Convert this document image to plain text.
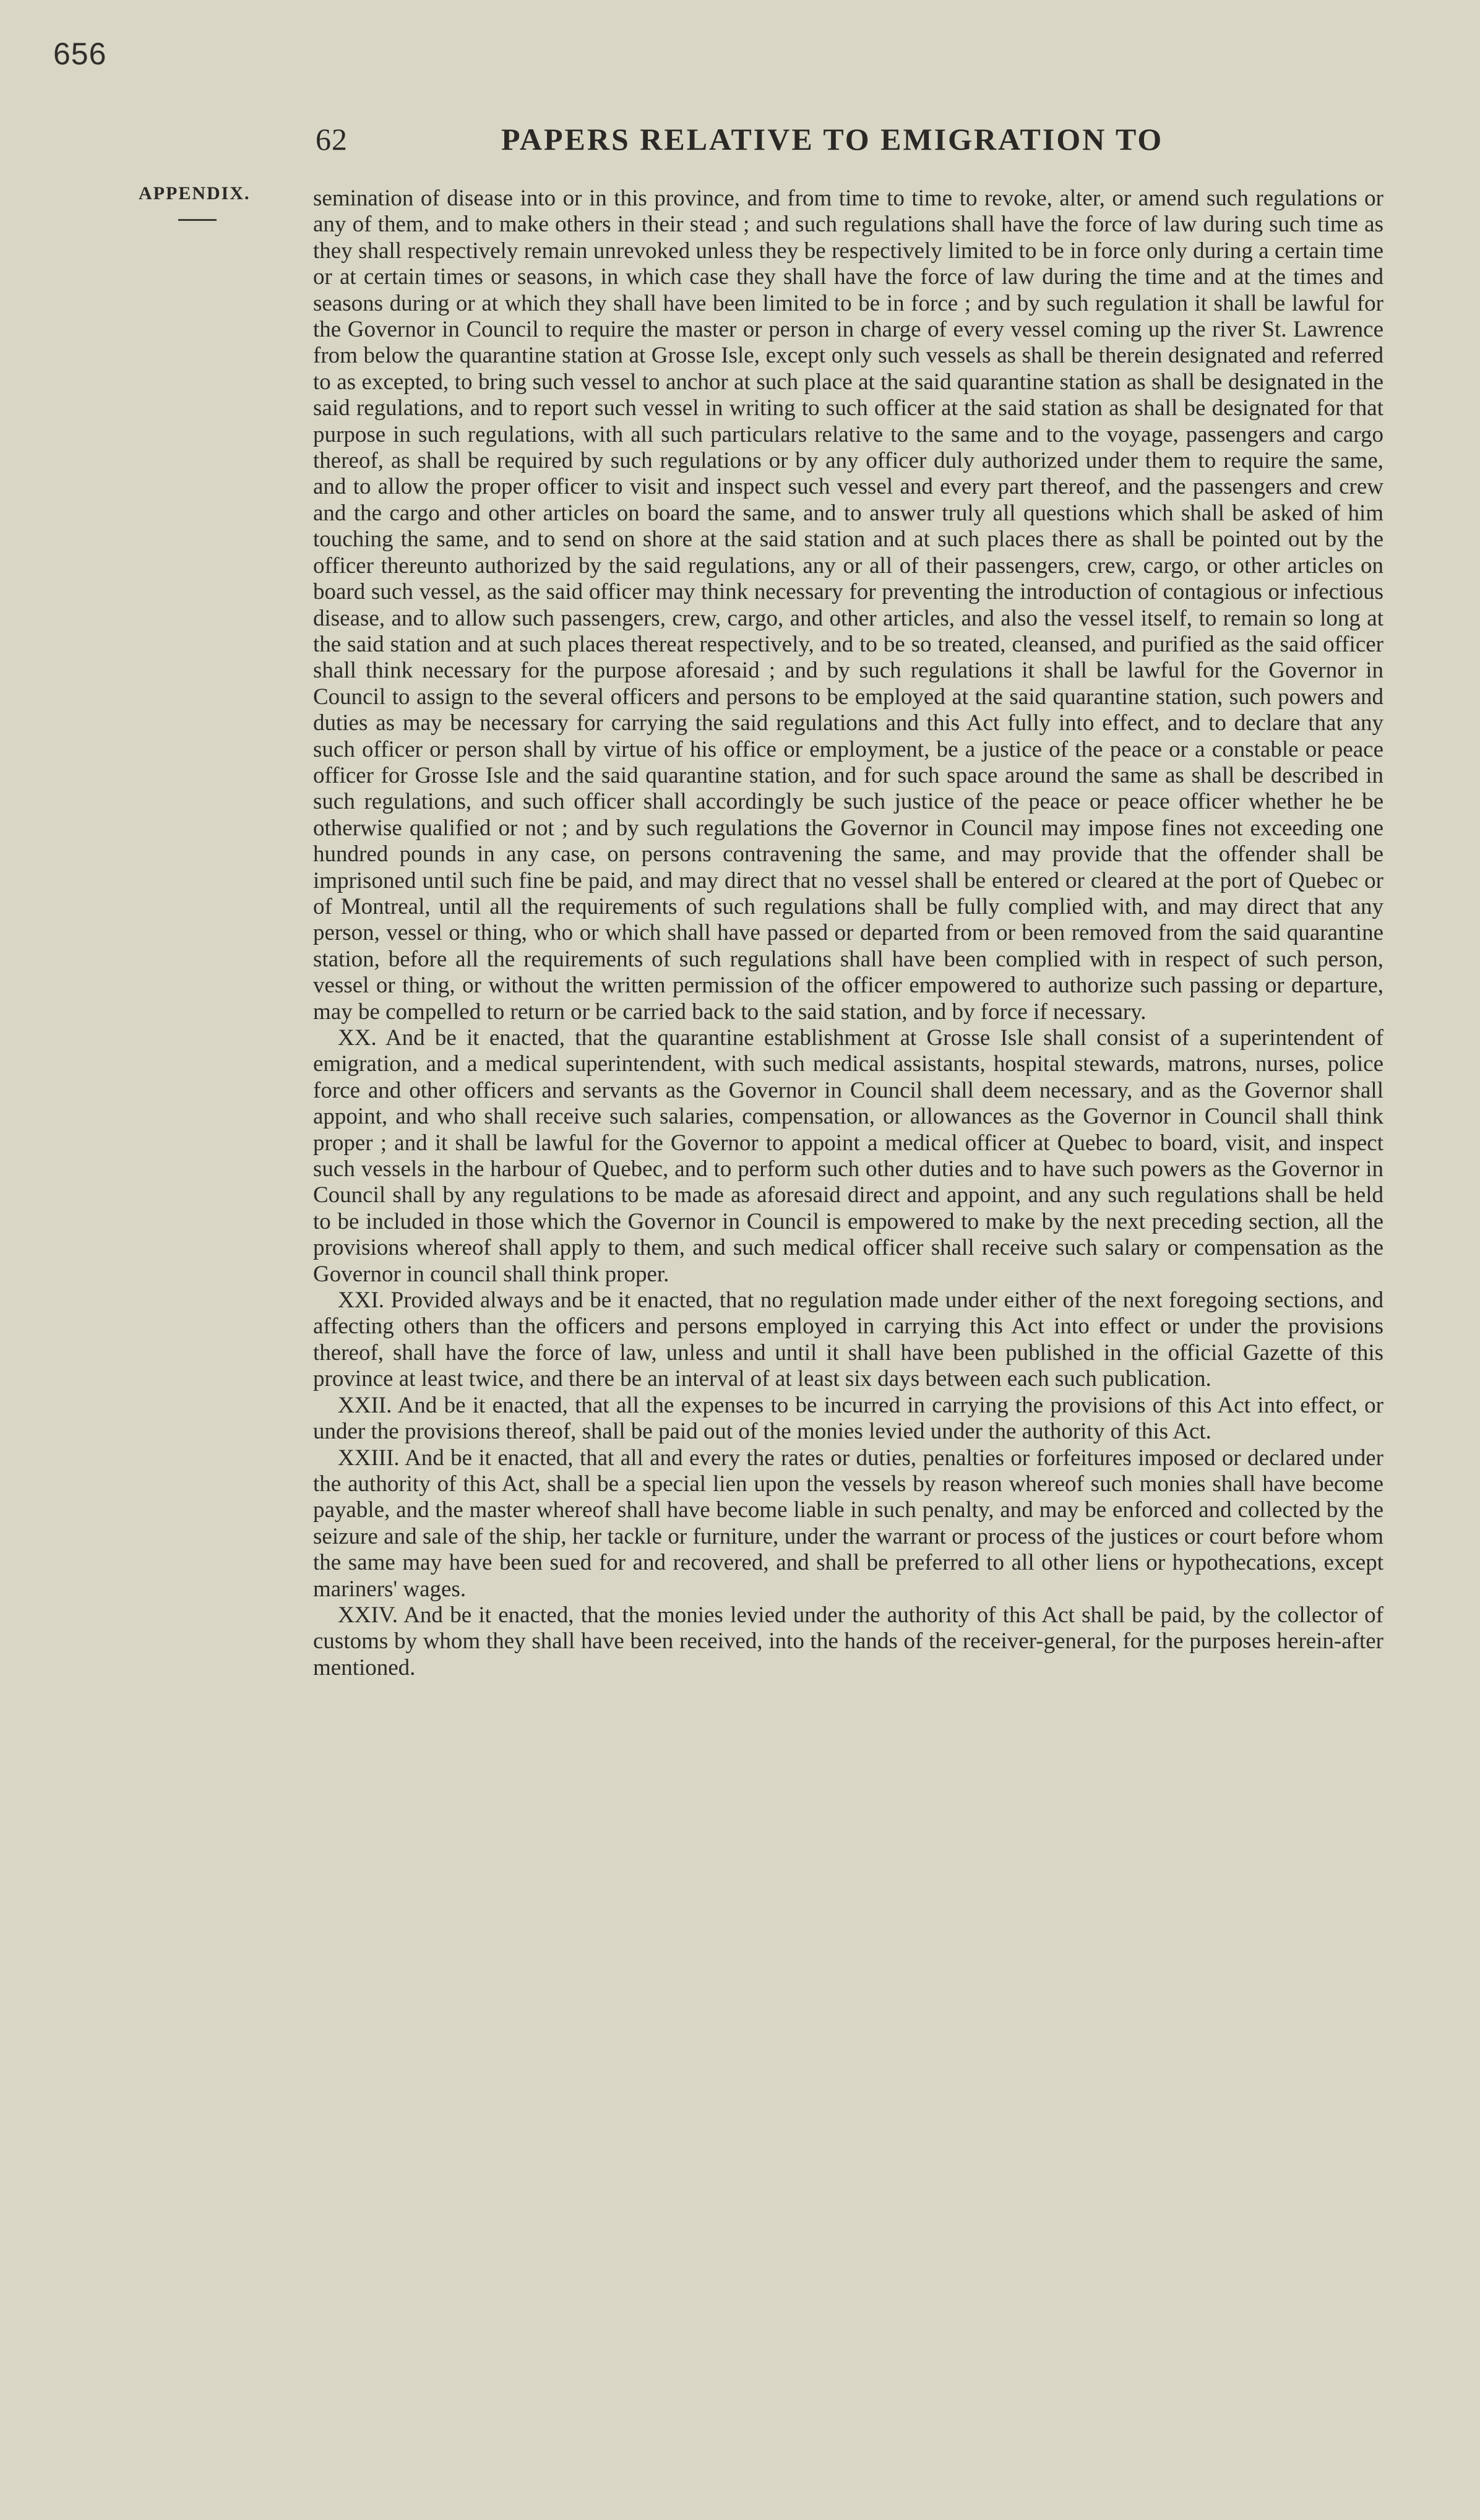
656
62	PAPERS RELATIVE TO EMIGRATION TO
APPENDIX.	semination of disease into or in this province, and from time to time to revoke, alter, or amend such regulations or any of them, and to make others in their stead ; and such regulations shall have the force of law during such time as they shall respectively remain unrevoked unless they be respectively limited to be in force only during a certain time or at certain times or seasons, in which case they shall have the force of law during the time and at the times and seasons during or at which they shall have been limited to be in force ; and by such regulation it shall be lawful for the Governor in Council to require the master or person in charge of every vessel coming up the river St. Lawrence from below the quarantine station at Grosse Isle, except only such vessels as shall be therein designated and referred to as excepted, to bring such vessel to anchor at such place at the said quarantine station as shall be designated in the said regulations, and to report such vessel in writing to such officer at the said station as shall be designated for that purpose in such regulations, with all such particulars relative to the same and to the voyage, passengers and cargo thereof, as shall be required by such regulations or by any officer duly authorized under them to require the same, and to allow the proper officer to visit and inspect such vessel and every part thereof, and the passengers and crew and the cargo and other articles on board the same, and to answer truly all questions which shall be asked of him touching the same, and to send on shore at the said station and at such places there as shall be pointed out by the officer thereunto authorized by the said regulations, any or all of their passengers, crew, cargo, or other articles on board such vessel, as the said officer may think necessary for preventing the introduction of contagious or infectious disease, and to allow such passengers, crew, cargo, and other articles, and also the vessel itself, to remain so long at the said station and at such places thereat respectively, and to be so treated, cleansed, and purified as the said officer shall think necessary for the purpose aforesaid ; and by such regulations it shall be lawful for the Governor in Council to assign to the several officers and persons to be employed at the said quarantine station, such powers and duties as may be necessary for carrying the said regulations and this Act fully into effect, and to declare that any such officer or person shall by virtue of his office or employment, be a justice of the peace or a constable or peace officer for Grosse Isle and the said quarantine station, and for such space around the same as shall be described in such regulations, and such officer shall accordingly be such justice of the peace or peace officer whether he be otherwise qualified or not ; and by such regulations the Governor in Council may impose fines not exceeding one hundred pounds in any case, on persons contravening the same, and may provide that the offender shall be imprisoned until such fine be paid, and may direct that no vessel shall be entered or cleared at the port of Quebec or of Montreal, until all the requirements of such regulations shall be fully complied with, and may direct that any person, vessel or thing, who or which shall have passed or departed from or been removed from the said quarantine station, before all the requirements of such regulations shall have been complied with in respect of such person, vessel or thing, or without the written permission of the officer empowered to authorize such passing or departure, may be compelled to return or be carried back to the said station, and by force if necessary.

XX. And be it enacted, that the quarantine establishment at Grosse Isle shall consist of a superintendent of emigration, and a medical superintendent, with such medical assistants, hospital stewards, matrons, nurses, police force and other officers and servants as the Governor in Council shall deem necessary, and as the Governor shall appoint, and who shall receive such salaries, compensation, or allowances as the Governor in Council shall think proper ; and it shall be lawful for the Governor to appoint a medical officer at Quebec to board, visit, and inspect such vessels in the harbour of Quebec, and to perform such other duties and to have such powers as the Governor in Council shall by any regulations to be made as aforesaid direct and appoint, and any such regulations shall be held to be included in those which the Governor in Council is empowered to make by the next preceding section, all the provisions whereof shall apply to them, and such medical officer shall receive such salary or compensation as the Governor in council shall think proper.

XXI. Provided always and be it enacted, that no regulation made under either of the next foregoing sections, and affecting others than the officers and persons employed in carrying this Act into effect or under the provisions thereof, shall have the force of law, unless and until it shall have been published in the official Gazette of this province at least twice, and there be an interval of at least six days between each such publication.

XXII. And be it enacted, that all the expenses to be incurred in carrying the provisions of this Act into effect, or under the provisions thereof, shall be paid out of the monies levied under the authority of this Act.

XXIII. And be it enacted, that all and every the rates or duties, penalties or forfeitures imposed or declared under the authority of this Act, shall be a special lien upon the vessels by reason whereof such monies shall have become payable, and the master whereof shall have become liable in such penalty, and may be enforced and collected by the seizure and sale of the ship, her tackle or furniture, under the warrant or process of the justices or court before whom the same may have been sued for and recovered, and shall be preferred to all other liens or hypothecations, except mariners' wages.

XXIV. And be it enacted, that the monies levied under the authority of this Act shall be paid, by the collector of customs by whom they shall have been received, into the hands of the receiver-general, for the purposes herein-after mentioned.
